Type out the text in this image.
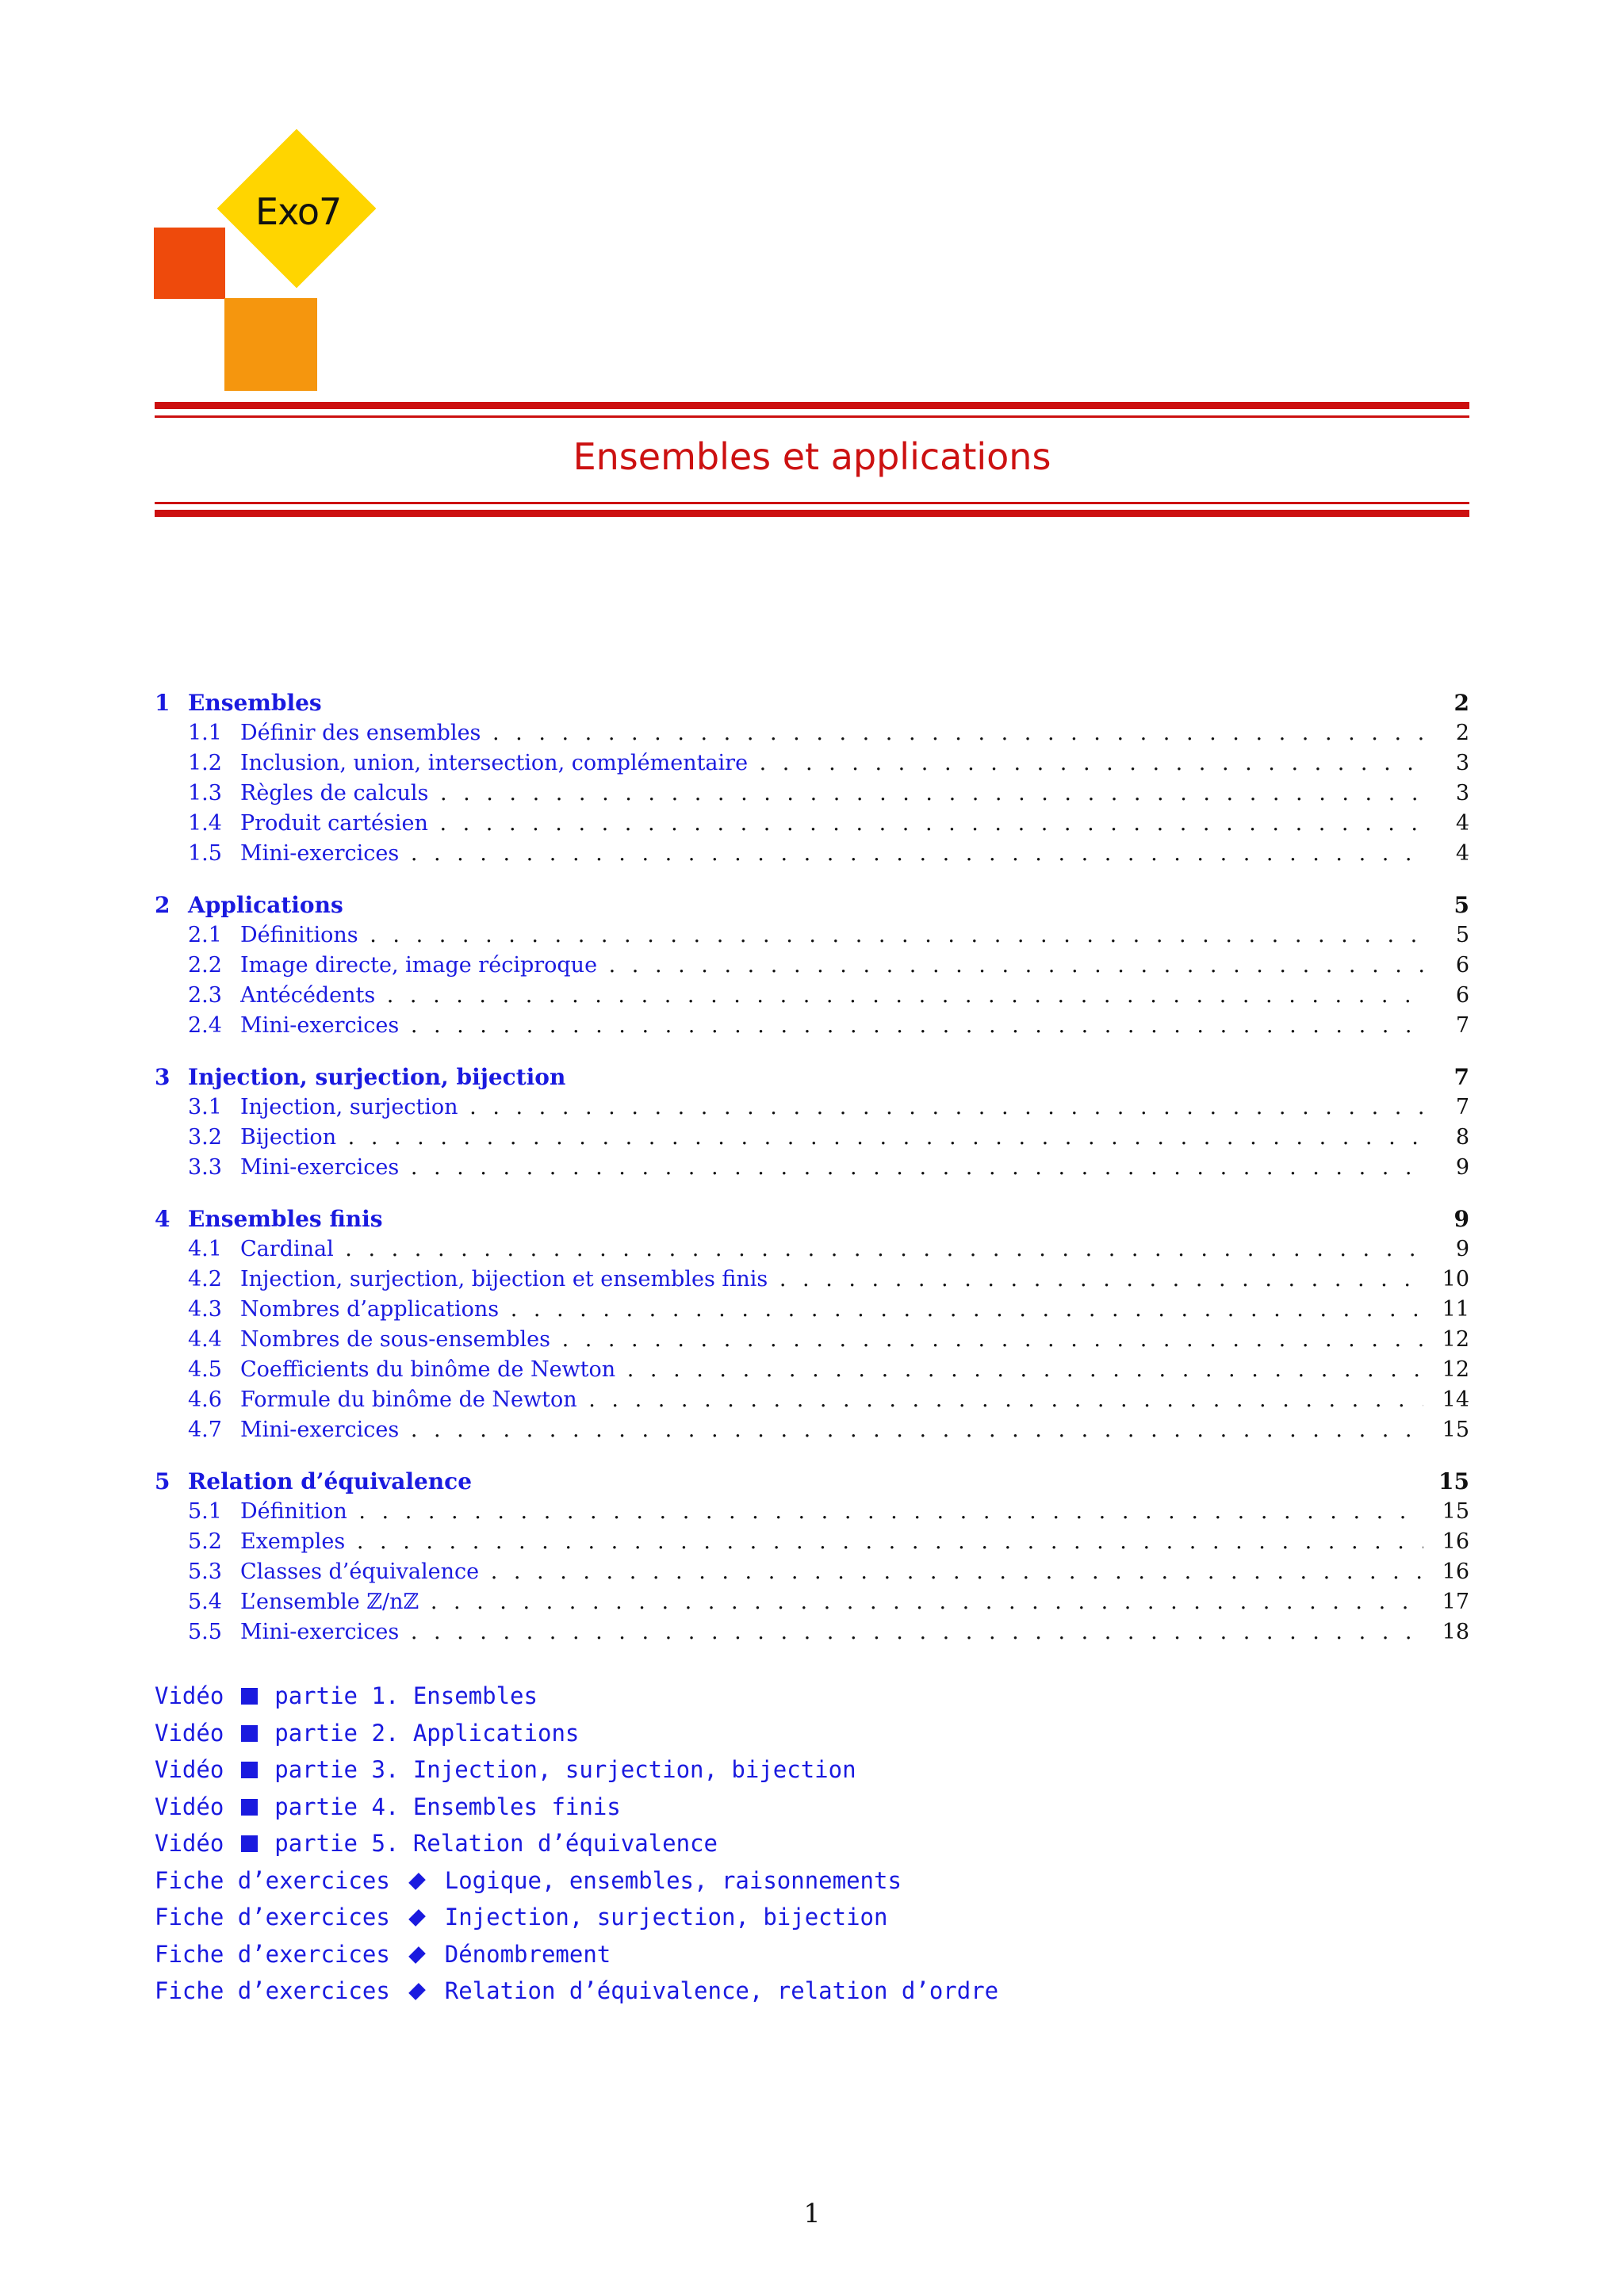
Exo7
Ensembles et applications
1 Ensembles	2
1.1 Définir des ensembles . . .	2
1.2 Inclusion, union, intersection, complémentaire . . .	3
1.3 Règles de calculs . . .	3
1.4 Produit cartésien . . .	4
1.5 Mini-exercices . . .	4
2 Applications	5
2.1 Définitions . . .	5
2.2 Image directe, image réciproque . . .	6
2.3 Antécédents . . .	6
2.4 Mini-exercices . . .	7
3 Injection, surjection, bijection	7
3.1 Injection, surjection . . .	7
3.2 Bijection . . .	8
3.3 Mini-exercices . . .	9
4 Ensembles finis	9
4.1 Cardinal . . .	9
4.2 Injection, surjection, bijection et ensembles finis . . .	10
4.3 Nombres d’applications . . .	11
4.4 Nombres de sous-ensembles . . .	12
4.5 Coefficients du binôme de Newton . . .	12
4.6 Formule du binôme de Newton . . .	14
4.7 Mini-exercices . . .	15
5 Relation d’équivalence	15
5.1 Définition . . .	15
5.2 Exemples . . .	16
5.3 Classes d’équivalence . . .	16
5.4 L’ensemble ℤ/nℤ . . .	17
5.5 Mini-exercices . . .	18
Vidéo partie 1. Ensembles
Vidéo partie 2. Applications
Vidéo partie 3. Injection, surjection, bijection
Vidéo partie 4. Ensembles finis
Vidéo partie 5. Relation d’équivalence
Fiche d’exercices Logique, ensembles, raisonnements
Fiche d’exercices Injection, surjection, bijection
Fiche d’exercices Dénombrement
Fiche d’exercices Relation d’équivalence, relation d’ordre
1
